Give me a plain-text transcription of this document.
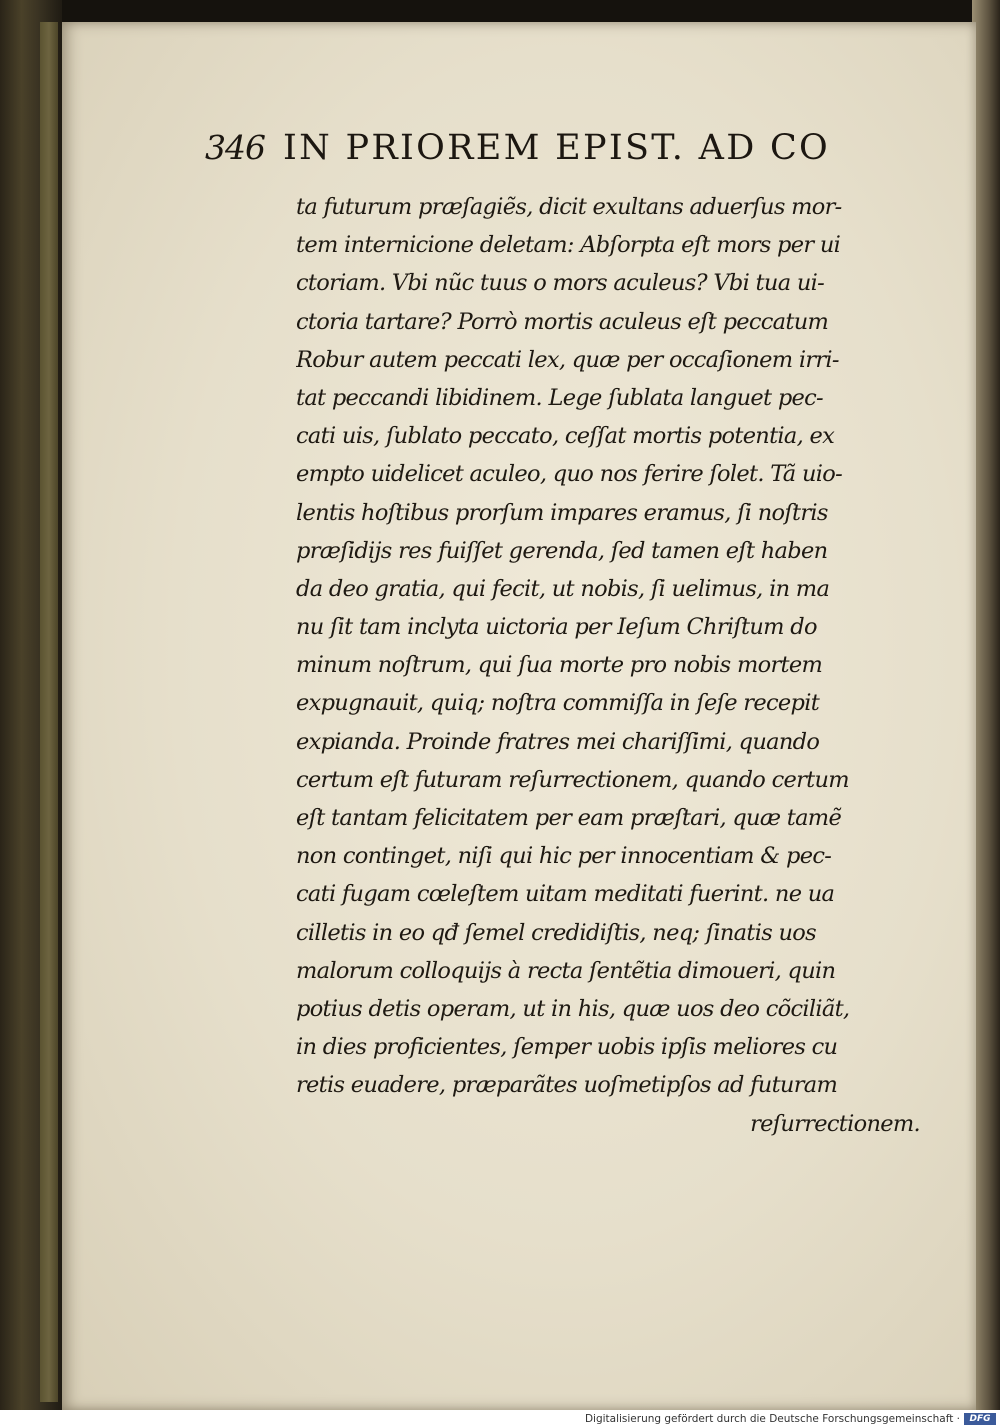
346 IN PRIOREM EPIST. AD CO
ta futurum præſagiẽs, dicit exultans aduerſus mor-
tem internicione deletam: Abſorpta eſt mors per ui
ctoriam. Vbi nũc tuus o mors aculeus? Vbi tua ui-
ctoria tartare? Porrò mortis aculeus eſt peccatum
Robur autem peccati lex, quæ per occaſionem irri-
tat peccandi libidinem. Lege ſublata languet pec-
cati uis, ſublato peccato, ceſſat mortis potentia, ex
empto uidelicet aculeo, quo nos ferire ſolet. Tã uio-
lentis hoſtibus prorſum impares eramus, ſi noſtris
præſidijs res fuiſſet gerenda, ſed tamen eſt haben
da deo gratia, qui fecit, ut nobis, ſi uelimus, in ma
nu ſit tam inclyta uictoria per Ieſum Chriſtum do
minum noſtrum, qui ſua morte pro nobis mortem
expugnauit, quiq; noſtra commiſſa in ſeſe recepit
expianda. Proinde fratres mei chariſſimi, quando
certum eſt futuram reſurrectionem, quando certum
eſt tantam felicitatem per eam præſtari, quæ tamẽ
non continget, niſi qui hic per innocentiam & pec-
cati fugam cœleſtem uitam meditati fuerint. ne ua
cilletis in eo qđ ſemel credidiſtis, neq; ſinatis uos
malorum colloquijs à recta ſentẽtia dimoueri, quin
potius detis operam, ut in his, quæ uos deo cõciliãt,
in dies proficientes, ſemper uobis ipſis meliores cu
retis euadere, præparãtes uoſmetipſos ad futuram
reſurrectionem.
Digitalisierung gefördert durch die Deutsche Forschungsgemeinschaft ·	DFG
